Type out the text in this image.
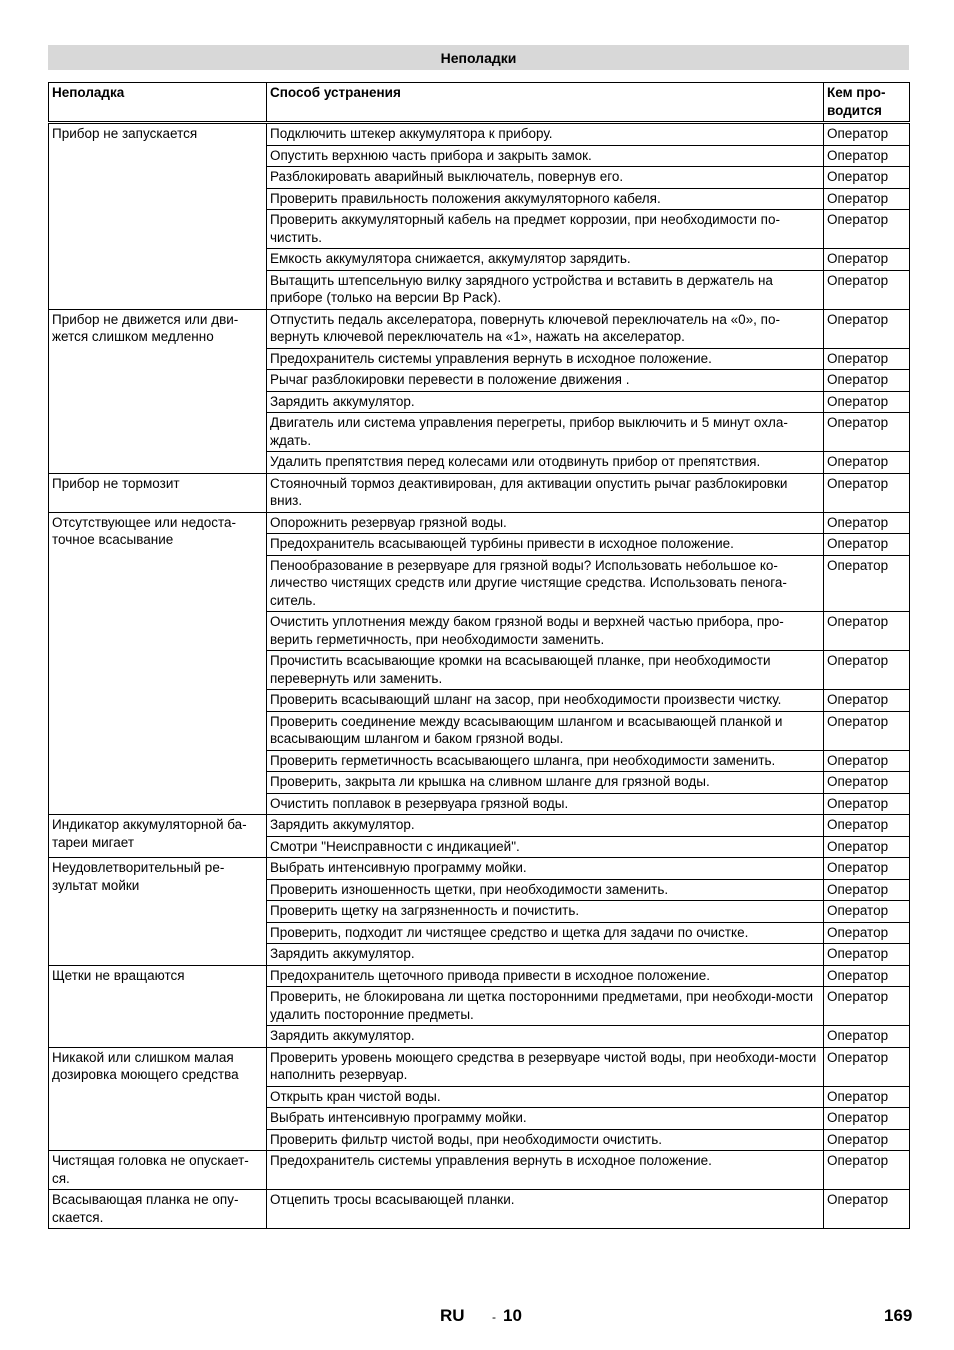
Неполадки
Неполадка	Способ устранения	Кем про-водится
Прибор не запускается	Подключить штекер аккумулятора к прибору.	Оператор
	Опустить верхнюю часть прибора и закрыть замок.	Оператор
	Разблокировать аварийный выключатель, повернув его.	Оператор
	Проверить правильность положения аккумуляторного кабеля.	Оператор
	Проверить аккумуляторный кабель на предмет коррозии, при необходимости по-чистить.	Оператор
	Емкость аккумулятора снижается, аккумулятор зарядить.	Оператор
	Вытащить штепсельную вилку зарядного устройства и вставить в держатель на приборе (только на версии Bp Pack).	Оператор
Прибор не движется или дви-жется слишком медленно	Отпустить педаль акселератора, повернуть ключевой переключатель на «0», по-вернуть ключевой переключатель на «1», нажать на акселератор.	Оператор
	Предохранитель системы управления вернуть в исходное положение.	Оператор
	Рычаг разблокировки перевести в положение движения .	Оператор
	Зарядить аккумулятор.	Оператор
	Двигатель или система управления перегреты, прибор выключить и 5 минут охла-ждать.	Оператор
	Удалить препятствия перед колесами или отодвинуть прибор от препятствия.	Оператор
Прибор не тормозит	Стояночный тормоз деактивирован, для активации опустить рычаг разблокировки вниз.	Оператор
Отсутствующее или недоста-точное всасывание	Опорожнить резервуар грязной воды.	Оператор
	Предохранитель всасывающей турбины привести в исходное положение.	Оператор
	Пенообразование в резервуаре для грязной воды? Использовать небольшое ко-личество чистящих средств или другие чистящие средства. Использовать пенога-ситель.	Оператор
	Очистить уплотнения между баком грязной воды и верхней частью прибора, про-верить герметичность, при необходимости заменить.	Оператор
	Прочистить всасывающие кромки на всасывающей планке, при необходимости перевернуть или заменить.	Оператор
	Проверить всасывающий шланг на засор, при необходимости произвести чистку.	Оператор
	Проверить соединение между всасывающим шлангом и всасывающей планкой и всасывающим шлангом и баком грязной воды.	Оператор
	Проверить герметичность всасывающего шланга, при необходимости заменить.	Оператор
	Проверить, закрыта ли крышка на сливном шланге для грязной воды.	Оператор
	Очистить поплавок в резервуара грязной воды.	Оператор
Индикатор аккумуляторной ба-тареи мигает	Зарядить аккумулятор.	Оператор
	Смотри "Неисправности с индикацией".	Оператор
Неудовлетворительный ре-зультат мойки	Выбрать интенсивную программу мойки.	Оператор
	Проверить изношенность щетки, при необходимости заменить.	Оператор
	Проверить щетку на загрязненность и почистить.	Оператор
	Проверить, подходит ли чистящее средство и щетка для задачи по очистке.	Оператор
	Зарядить аккумулятор.	Оператор
Щетки не вращаются	Предохранитель щеточного привода привести в исходное положение.	Оператор
	Проверить, не блокирована ли щетка посторонними предметами, при необходи-мости удалить посторонние предметы.	Оператор
	Зарядить аккумулятор.	Оператор
Никакой или слишком малая дозировка моющего средства	Проверить уровень моющего средства в резервуаре чистой воды, при необходи-мости наполнить резервуар.	Оператор
	Открыть кран чистой воды.	Оператор
	Выбрать интенсивную программу мойки.	Оператор
	Проверить фильтр чистой воды, при необходимости очистить.	Оператор
Чистящая головка не опускает-ся.	Предохранитель системы управления вернуть в исходное положение.	Оператор
Всасывающая планка не опу-скается.	Отцепить тросы всасывающей планки.	Оператор
RU - 10	169
